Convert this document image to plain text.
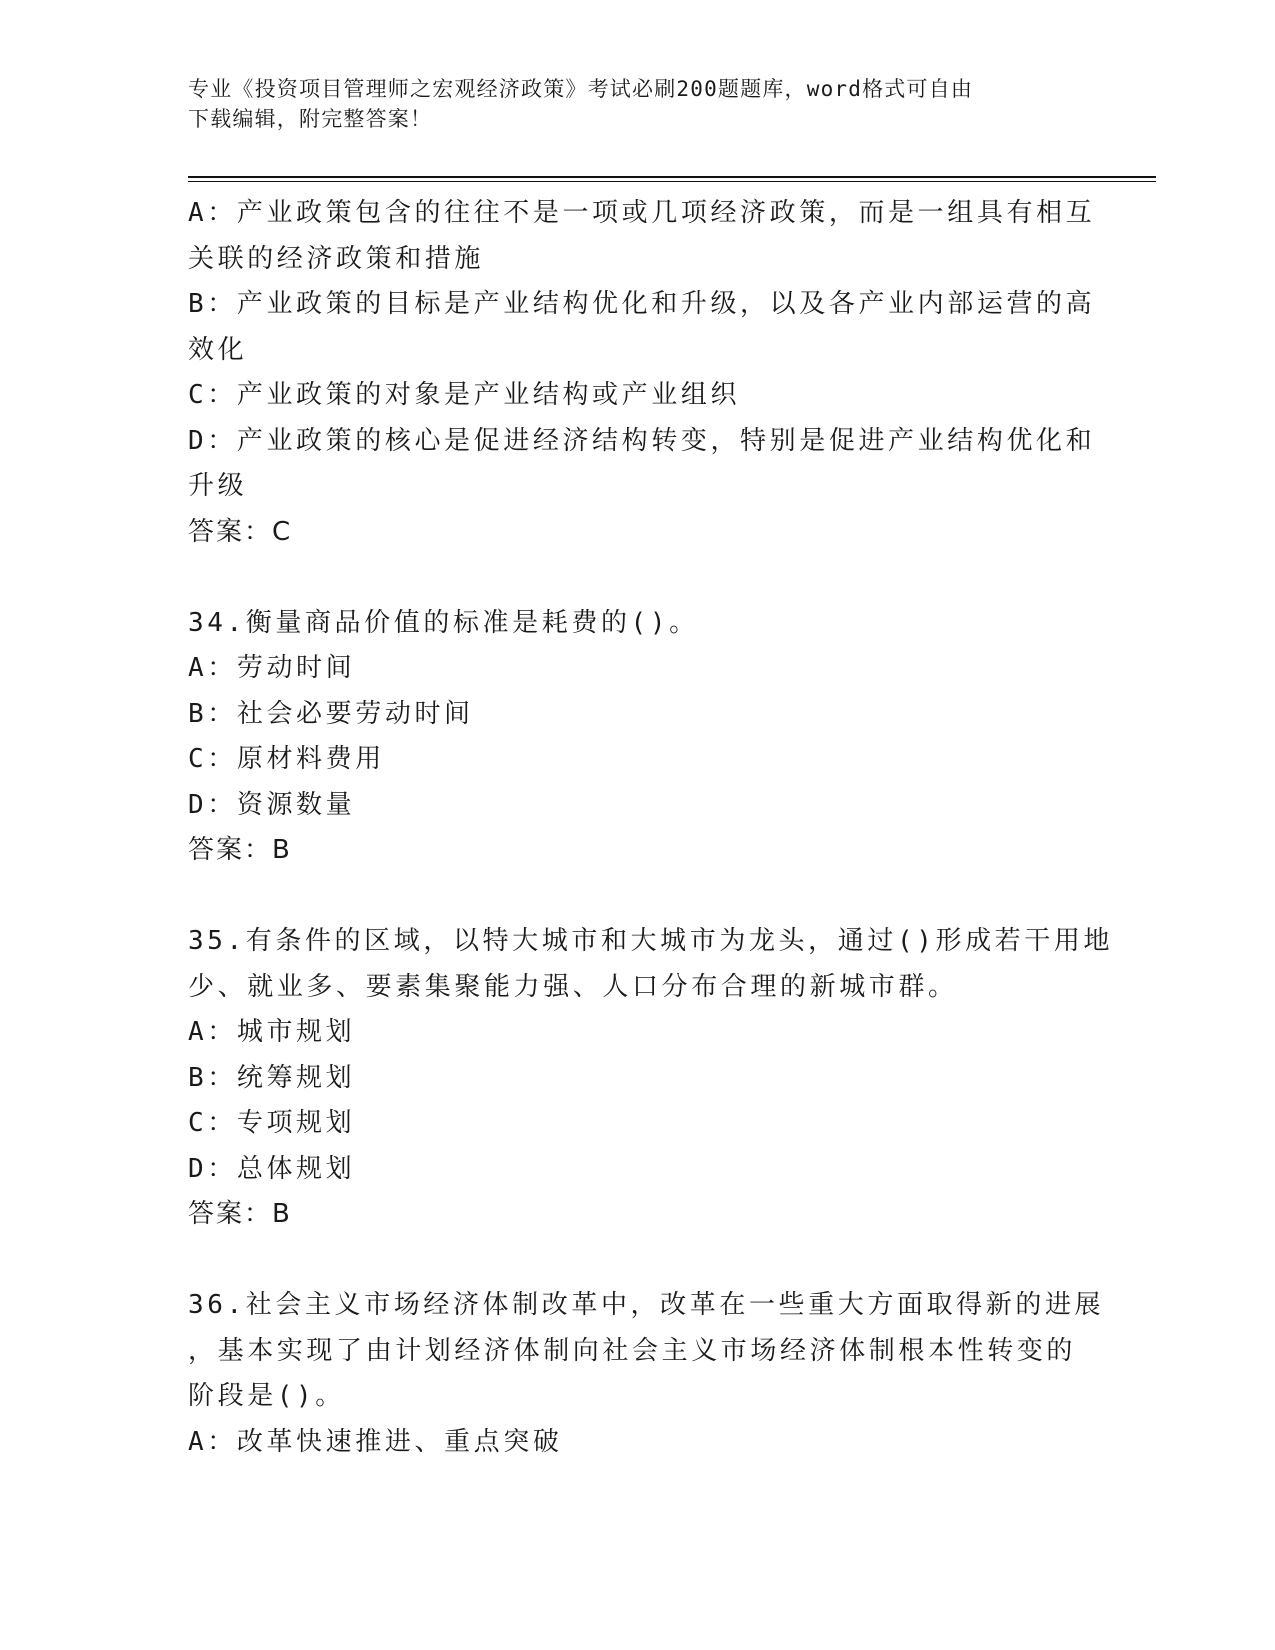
专业《投资项目管理师之宏观经济政策》考试必刷200题题库，word格式可自由
下载编辑，附完整答案！
A：产业政策包含的往往不是一项或几项经济政策，而是一组具有相互
关联的经济政策和措施
B：产业政策的目标是产业结构优化和升级，以及各产业内部运营的高
效化
C：产业政策的对象是产业结构或产业组织
D：产业政策的核心是促进经济结构转变，特别是促进产业结构优化和
升级
答案：C
34.衡量商品价值的标准是耗费的()。
A：劳动时间
B：社会必要劳动时间
C：原材料费用
D：资源数量
答案：B
35.有条件的区域，以特大城市和大城市为龙头，通过()形成若干用地
少、就业多、要素集聚能力强、人口分布合理的新城市群。
A：城市规划
B：统筹规划
C：专项规划
D：总体规划
答案：B
36.社会主义市场经济体制改革中，改革在一些重大方面取得新的进展
，基本实现了由计划经济体制向社会主义市场经济体制根本性转变的
阶段是()。
A：改革快速推进、重点突破
